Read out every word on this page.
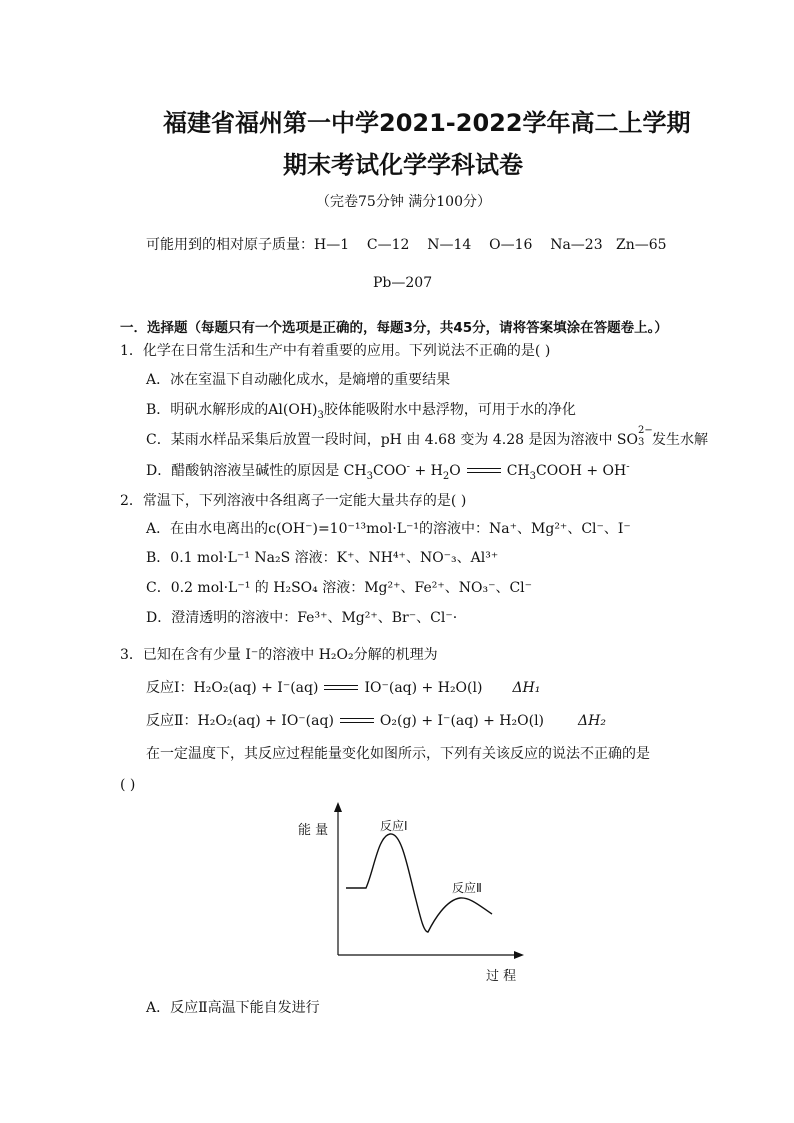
福建省福州第一中学2021-2022学年高二上学期
期末考试化学学科试卷
（完卷75分钟 满分100分）
可能用到的相对原子质量：H—1    C—12    N—14    O—16    Na—23   Zn—65
Pb—207
一．选择题（每题只有一个选项是正确的，每题3分，共45分，请将答案填涂在答题卷上。）
1．化学在日常生活和生产中有着重要的应用。下列说法不正确的是( )
A．冰在室温下自动融化成水，是熵增的重要结果
B．明矾水解形成的$Al(OH)_3$胶体能吸附水中悬浮物，可用于水的净化
C．某雨水样品采集后放置一段时间，pH 由 4.68 变为 4.28 是因为溶液中 SO
2−
3 发生水解
D．醋酸钠溶液呈碱性的原因是 $CH_3COO^- + H_2O$	$CH_3COOH + OH^-$
2．常温下，下列溶液中各组离子一定能大量共存的是( )
A．在由水电离出的c(OH⁻)=10⁻¹³mol·L⁻¹的溶液中：Na⁺、Mg²⁺、Cl⁻、I⁻
B．0.1 mol·L⁻¹ Na₂S 溶液：K⁺、NH⁴⁺、NO⁻₃、Al³⁺
C．0.2 mol·L⁻¹ 的 H₂SO₄ 溶液：Mg²⁺、Fe²⁺、NO₃⁻、Cl⁻
D．澄清透明的溶液中：Fe³⁺、Mg²⁺、Br⁻、Cl⁻·
3．已知在含有少量 I⁻的溶液中 H₂O₂分解的机理为
反应Ⅰ：H₂O₂(aq) + I⁻(aq)	IO⁻(aq) + H₂O(l) ΔH₁
反应Ⅱ：H₂O₂(aq) + IO⁻(aq)	O₂(g) + I⁻(aq) + H₂O(l) ΔH₂
在一定温度下，其反应过程能量变化如图所示，下列有关该反应的说法不正确的是
( )
能 量
过 程
反应Ⅰ
反应Ⅱ
A．反应Ⅱ高温下能自发进行
